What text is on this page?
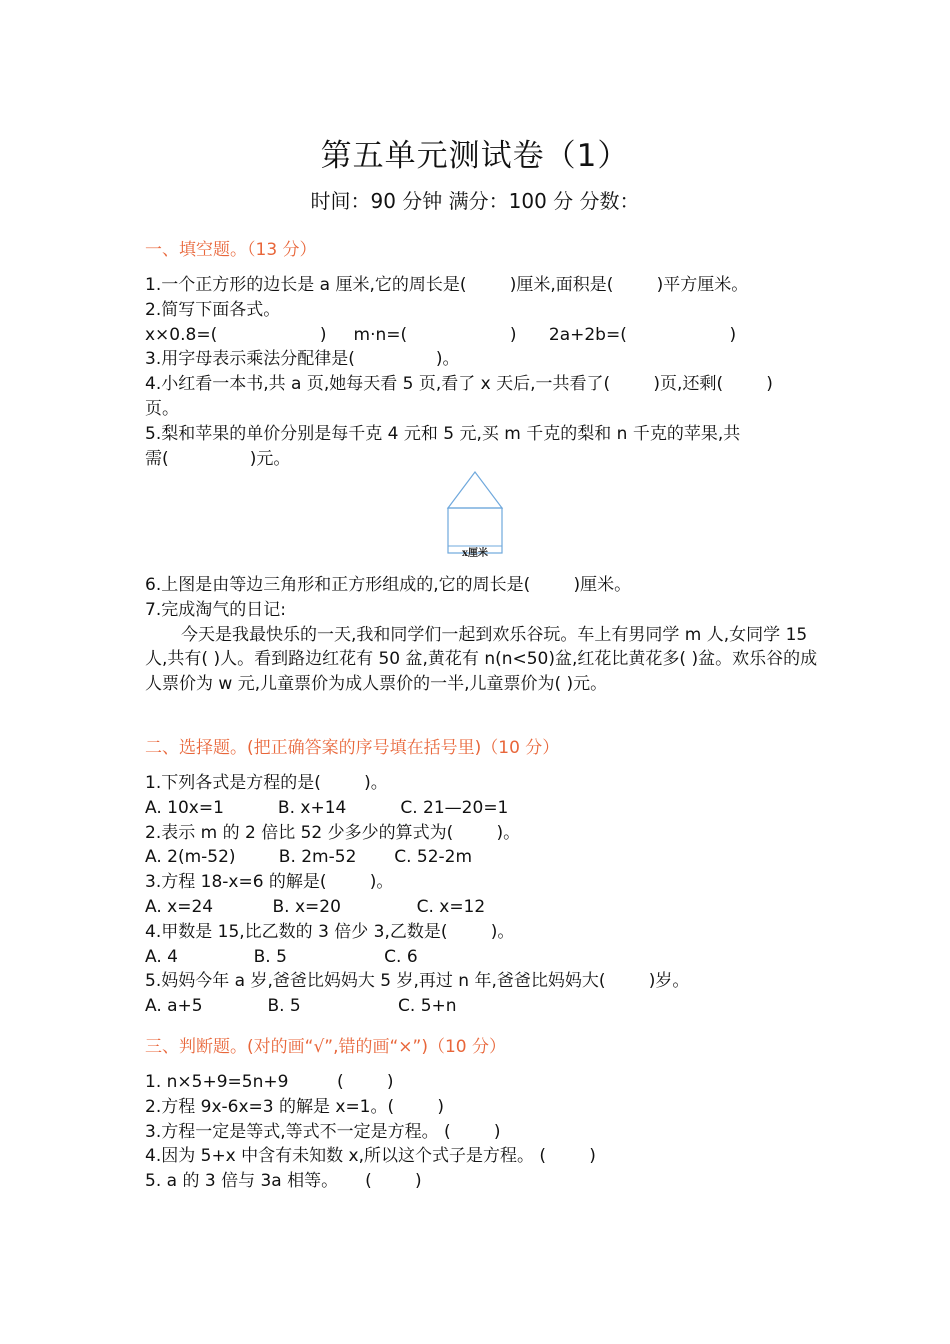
第五单元测试卷（1）
时间：90 分钟 满分：100 分 分数：
一、填空题。（13 分）
1.一个正方形的边长是 a 厘米,它的周长是(        )厘米,面积是(        )平方厘米。
2.简写下面各式。
x×0.8=(                   )     m·n=(                   )      2a+2b=(                   )
3.用字母表示乘法分配律是(               )。
4.小红看一本书,共 a 页,她每天看 5 页,看了 x 天后,一共看了(        )页,还剩(        )
页。
5.梨和苹果的单价分别是每千克 4 元和 5 元,买 m 千克的梨和 n 千克的苹果,共
需(               )元。
x厘米
6.上图是由等边三角形和正方形组成的,它的周长是(        )厘米。
7.完成淘气的日记:
今天是我最快乐的一天,我和同学们一起到欢乐谷玩。车上有男同学 m 人,女同学 15 人,共有( )人。看到路边红花有 50 盆,黄花有 n(n<50)盆,红花比黄花多( )盆。欢乐谷的成人票价为 w 元,儿童票价为成人票价的一半,儿童票价为( )元。
二、选择题。(把正确答案的序号填在括号里)（10 分）
1.下列各式是方程的是(        )。
A. 10x=1          B. x+14          C. 21—20=1
2.表示 m 的 2 倍比 52 少多少的算式为(        )。
A. 2(m-52)        B. 2m-52       C. 52-2m
3.方程 18-x=6 的解是(        )。
A. x=24           B. x=20              C. x=12
4.甲数是 15,比乙数的 3 倍少 3,乙数是(        )。
A. 4              B. 5                  C. 6
5.妈妈今年 a 岁,爸爸比妈妈大 5 岁,再过 n 年,爸爸比妈妈大(        )岁。
A. a+5            B. 5                  C. 5+n
三、判断题。(对的画“√”,错的画“×”)（10 分）
1. n×5+9=5n+9         (        )
2.方程 9x-6x=3 的解是 x=1。(        )
3.方程一定是等式,等式不一定是方程。 (        )
4.因为 5+x 中含有未知数 x,所以这个式子是方程。 (        )
5. a 的 3 倍与 3a 相等。     (        )
